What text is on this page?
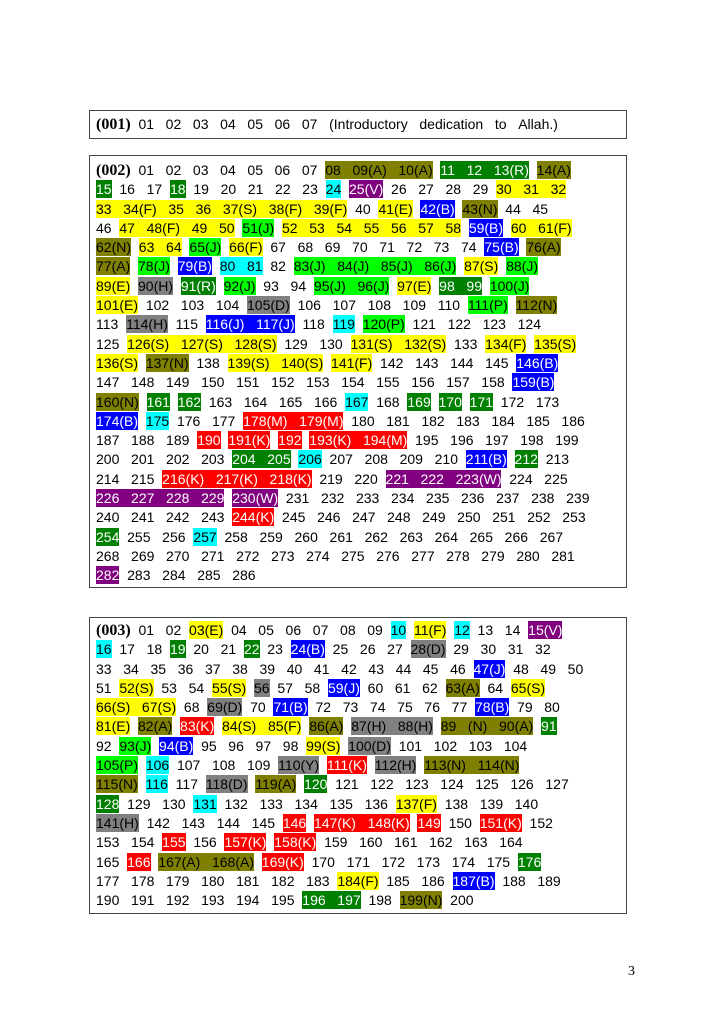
(001) 01   02   03   04   05   06   07   (Introductory   dedication   to   Allah.)
(002) 01   02   03   04   05   06   07 08   09(A)   10(A) 11   12   13(R) 14(A)
15 16   17 18 19   20   21   22   23 24 25(V) 26   27   28   29 30   31   32
33   34(F)   35   36   37(S)   38(F)   39(F) 40 41(E) 42(B) 43(N) 44   45
46 47   48(F)   49   50 51(J) 52   53   54   55   56   57   58 59(B) 60   61(F)
62(N) 63   64 65(J) 66(F) 67   68   69   70   71   72   73   74 75(B) 76(A)
77(A) 78(J) 79(B) 80   81 82 83(J)   84(J)   85(J)   86(J) 87(S) 88(J)
89(E) 90(H) 91(R) 92(J) 93   94 95(J)   96(J) 97(E) 98   99 100(J)
101(E) 102   103   104 105(D) 106   107   108   109   110 111(P) 112(N)
113 114(H) 115 116(J)   117(J) 118 119 120(P) 121   122   123   124
125 126(S)   127(S)   128(S) 129   130 131(S)   132(S) 133 134(F) 135(S)
136(S) 137(N) 138 139(S)   140(S) 141(F) 142   143   144   145 146(B)
147   148   149   150   151   152   153   154   155   156   157   158 159(B)
160(N) 161 162 163   164   165   166 167 168 169 170 171 172   173
174(B) 175 176   177 178(M)   179(M) 180   181   182   183   184   185   186
187   188   189 190 191(K) 192 193(K)   194(M) 195   196   197   198   199
200   201   202   203 204   205 206 207   208   209   210 211(B) 212 213
214   215 216(K)   217(K)   218(K) 219   220 221   222   223(W) 224   225
226   227   228   229 230(W) 231   232   233   234   235   236   237   238   239
240   241   242   243 244(K) 245   246   247   248   249   250   251   252   253
254 255   256 257 258   259   260   261   262   263   264   265   266   267
268   269   270   271   272   273   274   275   276   277   278   279   280   281
282 283   284   285   286
(003) 01   02 03(E) 04   05   06   07   08   09 10 11(F) 12 13   14 15(V)
16 17   18 19 20   21 22 23 24(B) 25   26   27 28(D) 29   30   31   32
33   34   35   36   37   38   39   40   41   42   43   44   45   46 47(J) 48   49   50
51 52(S) 53   54 55(S) 56 57   58 59(J) 60   61   62 63(A) 64 65(S)
66(S)   67(S) 68 69(D) 70 71(B) 72   73   74   75   76   77 78(B) 79   80
81(E) 82(A) 83(K) 84(S)   85(F) 86(A) 87(H)   88(H) 89   (N)   90(A) 91
92 93(J) 94(B) 95   96   97   98 99(S) 100(D) 101   102   103   104
105(P) 106 107   108   109 110(Y) 111(K) 112(H) 113(N)   114(N)
115(N) 116 117 118(D) 119(A) 120 121   122   123   124   125   126   127
128 129   130 131 132   133   134   135   136 137(F) 138   139   140
141(H) 142   143   144   145 146 147(K)   148(K) 149 150 151(K) 152
153   154 155 156 157(K) 158(K) 159   160   161   162   163   164
165 166 167(A)   168(A) 169(K) 170   171   172   173   174   175 176
177   178   179   180   181   182   183 184(F) 185   186 187(B) 188   189
190   191   192   193   194   195 196   197 198 199(N) 200
3
